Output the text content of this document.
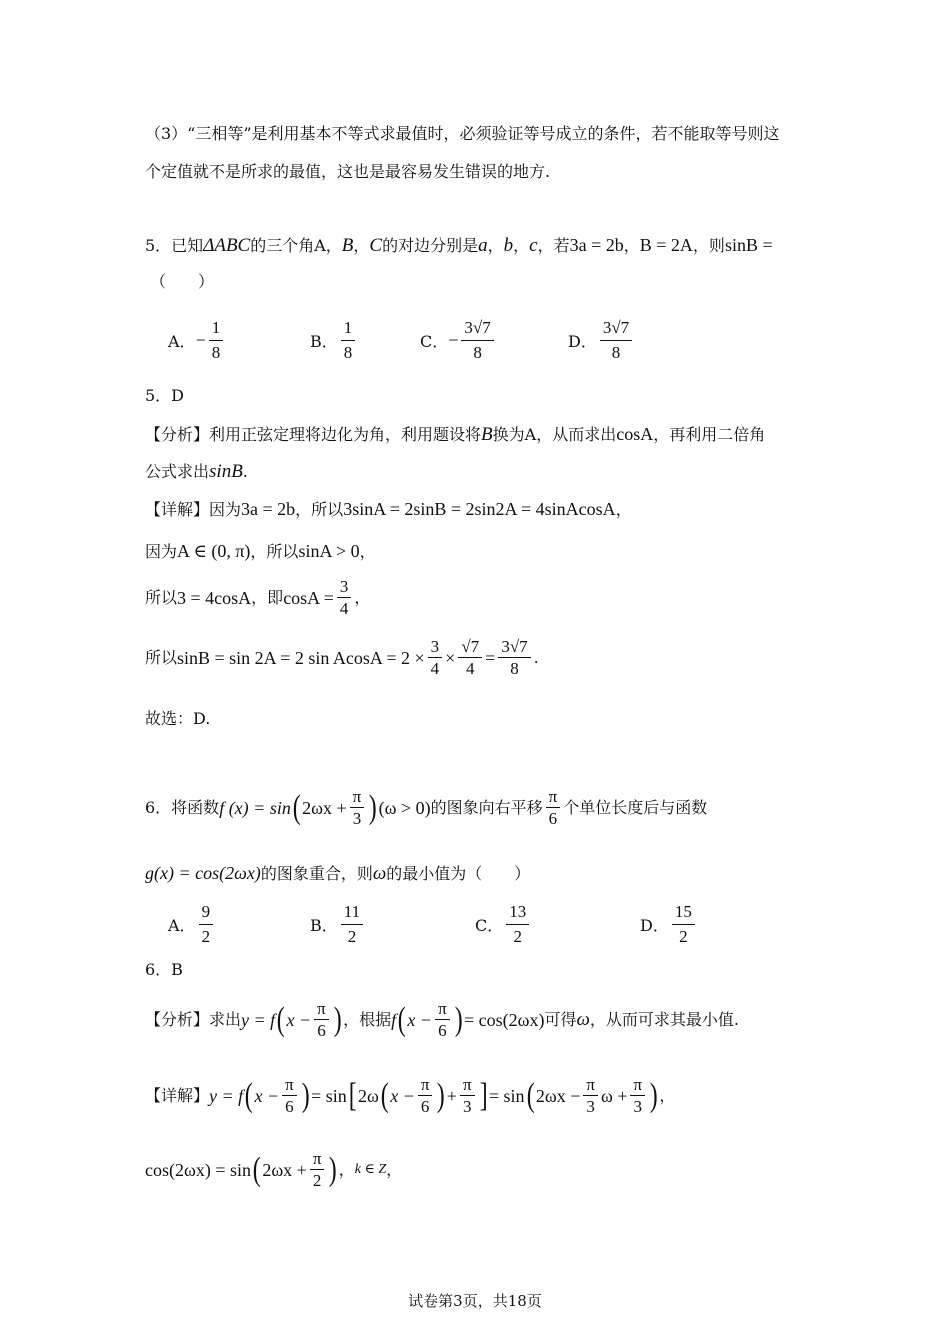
（3）“三相等”是利用基本不等式求最值时，必须验证等号成立的条件，若不能取等号则这
个定值就不是所求的最值，这也是最容易发生错误的地方.
5．已知ΔABC的三个角A，B，C的对边分别是a，b，c，若3a = 2b，B = 2A，则sinB =
（　　）
A． − $\frac{1}{8}$	B． $\frac{1}{8}$	C． − $\frac{3√7}{8}$	D． $\frac{3√7}{8}$
5．D
【分析】利用正弦定理将边化为角，利用题设将B换为A，从而求出cosA，再利用二倍角
公式求出sinB.
【详解】因为3a = 2b，所以3sinA = 2sinB = 2sin2A = 4sinAcosA，
因为A ∈ (0, π)，所以sinA > 0，
所以 3 = 4cosA ，即 $\cos A = \frac{3}{4}$ ，
所以 sinB = sin 2A = 2 $\sin AcosA = 2 \times \frac{3}{4} \times \frac{√7}{4} = \frac{3√7}{8}$ .
故选：D.
6．将函数 f (x) = sin ( $2\omega x + \frac{\pi}{3}$ ) (ω > 0) 的图象向右平移 $\frac{\pi}{6}$ 个单位长度后与函数
g(x) = cos(2ωx)的图象重合，则ω的最小值为（　　）
A． $\frac{9}{2}$	B． $\frac{11}{2}$	C． $\frac{13}{2}$	D． $\frac{15}{2}$
6．B
【分析】 求出 y = f ( $x - \frac{\pi}{6}$ ) ，根据 f ( $x - \frac{\pi}{6}$ ) = cos(2ωx) 可得 ω ，从而可求其最小值.
【详解】 y = f ( $x - \frac{\pi}{6}$ ) = sin [ 2ω ( $x - \frac{\pi}{6}$ ) + $\frac{\pi}{3}$ ] = sin ( $2\omega x - \frac{\pi}{3}$ $\omega + \frac{\pi}{3}$ ) ，
cos(2ωx) = sin ( $2\omega x + \frac{\pi}{2}$ ) ， k ∈ Z ，
试卷第3页，共18页
